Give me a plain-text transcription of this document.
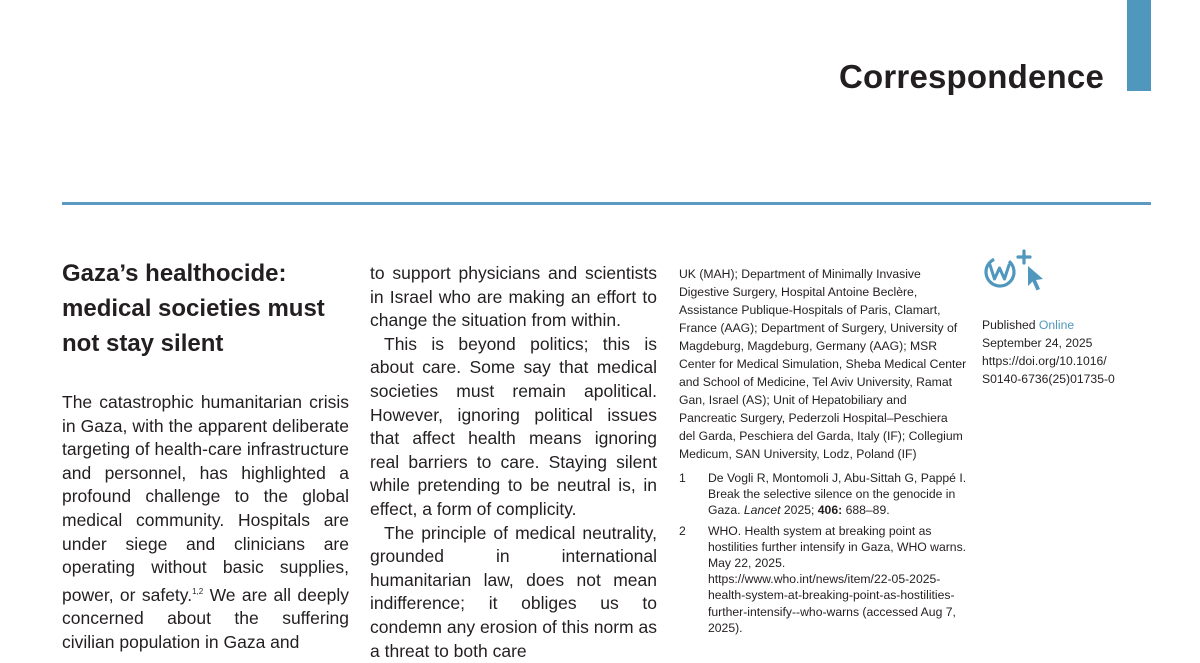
Correspondence
Gaza’s healthocide: medical societies must not stay silent

The catastrophic humanitarian crisis in Gaza, with the apparent deliberate targeting of health-care infrastructure and personnel, has highlighted a profound challenge to the global medical community. Hospitals are under siege and clinicians are operating without basic supplies, power, or safety.$^{1,2}$ We are all deeply concerned about the suffering civilian population in Gaza and

to support physicians and scientists in Israel who are making an effort to change the situation from within.

This is beyond politics; this is about care. Some say that medical societies must remain apolitical. However, ignoring political issues that affect health means ignoring real barriers to care. Staying silent while pretending to be neutral is, in effect, a form of complicity.

The principle of medical neutrality, grounded in international humanitarian law, does not mean indifference; it obliges us to condemn any erosion of this norm as a threat to both care

UK (MAH); Department of Minimally Invasive Digestive Surgery, Hospital Antoine Beclère, Assistance Publique-Hospitals of Paris, Clamart, France (AAG); Department of Surgery, University of Magdeburg, Magdeburg, Germany (AAG); MSR Center for Medical Simulation, Sheba Medical Center and School of Medicine, Tel Aviv University, Ramat Gan, Israel (AS); Unit of Hepatobiliary and Pancreatic Surgery, Pederzoli Hospital–Peschiera del Garda, Peschiera del Garda, Italy (IF); Collegium Medicum, SAN University, Lodz, Poland (IF)

1 De Vogli R, Montomoli J, Abu-Sittah G, Pappé I. Break the selective silence on the genocide in Gaza. Lancet 2025; 406: 688–89.
2 WHO. Health system at breaking point as hostilities further intensify in Gaza, WHO warns. May 22, 2025. https://www.who.int/news/item/22-05-2025-health-system-at-breaking-point-as-hostilities-further-intensify--who-warns (accessed Aug 7, 2025).
Published Online
September 24, 2025
https://doi.org/10.1016/
S0140-6736(25)01735-0
